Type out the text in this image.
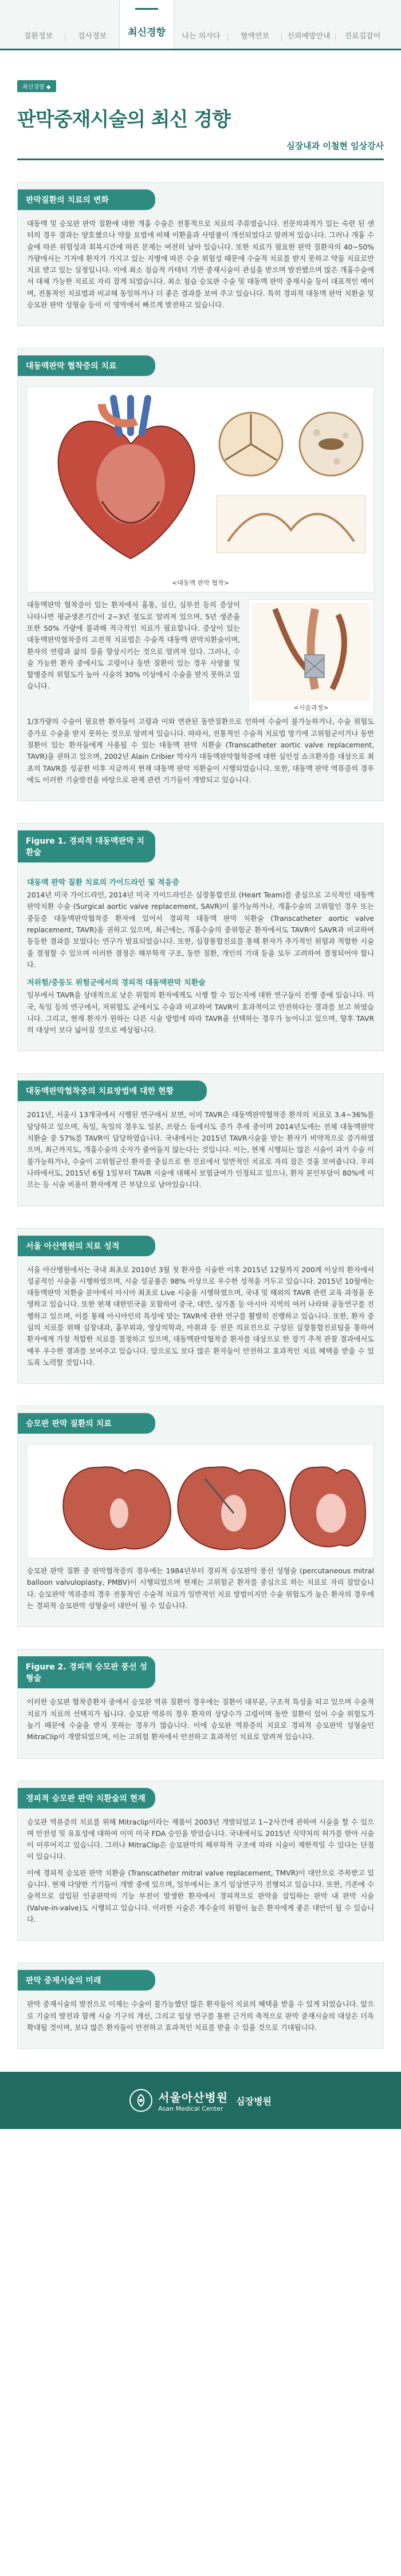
질환정보	검사정보 최신경향 나는 의사다	혈액연보 신뢰예방안내 진료길잡이
최신경향 ◆
판막중재시술의 최신 경향
심장내과 이철현 임상강사
판막질환의 치료의 변화

대동맥 및 승모판 판막 질환에 대한 개흉 수술은 전통적으로 치료의 주류였습니다. 전문의과적가 있는 숙련 된 센터의 경우 결과는 양호했으나 약물 요법에 비해 이환율과 사망률이 개선되었다고 알려져 있습니다. 그러나 개흉 수술에 따른 위험성과 회복시간에 따른 문제는 여전히 남아 있습니다. 또한 치료가 필요한 판막 질환자의 40~50% 가량에서는 기저에 환자가 가지고 있는 지병에 따른 수술 위험성 때문에 수술적 치료를 받지 못하고 약물 치료로만 치료 받고 있는 실정입니다. 이에 최소 침습적 카테터 기반 중재시술이 관심을 받으며 발전했으며 많은 개흉수술에서 대체 가능한 치료로 자리 잡게 되었습니다. 최소 침습 승모판 수술 및 대동맥 판막 중재시술 등이 대표적인 예이며, 전통적인 치료법과 비교해 동일하거나 더 좋은 결과를 보여 주고 있습니다. 특히 경피적 대동맥 판막 치환술 및 승모판 판막 성형술 등이 이 영역에서 빠르게 발전하고 있습니다.

대동맥판막 협착증의 치료
<대동맥 판막 협착>

대동맥판막 협착증이 있는 환자에서 흉통, 실신, 심부전 등의 증상이 나타나면 평균생존기간이 2~3년 정도로 알려져 있으며, 5년 생존율 또한 50% 가량에 불과해 적극적인 치료가 필요합니다. 증상이 있는 대동맥판막협착증의 고전적 치료법은 수술적 대동맥 판막치환술이며, 환자의 연령과 삶의 질을 향상시키는 것으로 알려져 있다. 그러나, 수술 가능한 환자 중에서도 고령이나 동반 질환이 있는 경우 사망률 및 합병증의 위험도가 높아 시술의 30% 이상에서 수술을 받지 못하고 있습니다.

<시술과정>

1/3가량의 수술이 필요한 환자들이 고령과 이와 연관된 동반질환으로 인하여 수술이 불가능하거나, 수술 위험도 증가로 수술을 받지 못하는 것으로 알려져 있습니다. 따라서, 전통적인 수술적 치료법 방기에 고위험군이거나 동반질환이 있는 환자들에게 사용될 수 있는 대동맥 판막 치환술 (Transcatheter aortic valve replacement, TAVR)을 권하고 있으며, 2002년 Alain Cribier 박사가 대동맥판막협착증에 대한 심인성 쇼크환자를 대상으로 최초의 TAVR를 성공한 이후 지금까지 현재 대동맥 판막 치환술이 시행되었습니다. 또한, 대동맥 판막 역류증의 경우에도 이러한 기술발전을 바탕으로 판제 관련 기기들이 개발되고 있습니다.

Figure 1. 경피적 대동맥판막 치환술
대동맥 판막 질환 치료의 가이드라인 및 적응증

2014년 미국 가이드라인, 2014년 미국 가이드라인은 심장통합진료 (Heart Team)를 중심으로 고식적인 대동맥판막치환 수술 (Surgical aortic valve replacement, SAVR)이 불가능하거나, 개흉수술의 고위험인 경우 또는 중등증 대동맥판막협착증 환자에 있어서 경피적 대동맥 판막 치환술 (Transcatheter aortic valve replacement, TAVR)을 권하고 있으며, 최근에는, 개흉수술의 중위험군 환자에서도 TAVR이 SAVR과 비교하여 동등한 결과를 보였다는 연구가 발표되었습니다. 또한, 심장통합진료를 통해 환자가 추가적인 위험과 적합한 시술을 결정할 수 있으며 이러한 결정은 해부학적 구조, 동반 질환, 개인의 기대 등을 모두 고려하여 결정되어야 합니다.

저위험/중등도 위험군에서의 경피적 대동맥판막 치환술

일부에서 TAVR을 상대적으로 낮은 위험의 환자에게도 시행 할 수 있는지에 대한 연구들이 진행 중에 있습니다. 미국, 독일 등의 연구에서, 저위험도 군에서도 수술과 비교하여 TAVR이 효과적이고 안전하다는 결과를 보고 하였습니다. 그리고, 현재 환자가 원하는 다른 시술 방법에 따라 TAVR을 선택하는 경우가 늘어나고 있으며, 향후 TAVR의 대상이 보다 넓어질 것으로 예상됩니다.

대동맥판막협착증의 치료방법에 대한 현황

2011년, 서울시 13개국에서 시행된 연구에서 보면, 이미 TAVR은 대동맥판막협착증 환자의 치료로 3.4~36%를 담당하고 있으며, 독일, 독일의 경우도 일본, 프랑스 등에서도 증가 추세 중이며 2014년도에는 전체 대동맥판막 치환술 중 57%를 TAVR이 담당하였습니다. 국내에서는 2015년 TAVR시술을 받는 환자가 비약적으로 증가하였으며, 최근까지도, 개흉수술의 숫자가 줄어들지 않는다는 것입니다. 이는, 현재 시행되는 많은 시술이 과거 수술 이 불가능하거나, 수술이 고위험군인 환자를 중심으로 한 진료에서 일반적인 치료로 자리 잡은 것을 보여줍니다. 우리나라에서도, 2015년 6월 1일부터 TAVR 시술에 대해서 보험급여가 인정되고 있으나, 환자 본인부담이 80%에 이르는 등 시술 비용이 환자에게 큰 부담으로 남아있습니다.

서울 아산병원의 치료 성적

서울 아산병원에서는 국내 최초로 2010년 3월 첫 환자를 시술한 이후 2015년 12월까지 200례 이상의 환자에서 성공적인 시술을 시행하였으며, 시술 성공률은 98% 이상으로 우수한 성적을 거두고 있습니다. 2015년 10월에는 대동맥판막 치환술 분야에서 아시아 최초로 Live 시술을 시행하였으며, 국내 및 해외의 TAVR 관련 교육 과정을 운영하고 있습니다. 또한 현재 대한민국을 포함하여 중국, 대만, 싱가폴 등 아시아 지역의 여러 나라와 공동연구를 진행하고 있으며, 이를 통해 아시아인의 특성에 맞는 TAVR에 관한 연구를 활발히 진행하고 있습니다. 또한, 환자 중심의 치료를 위해 심장내과, 흉부외과, 영상의학과, 마취과 등 전문 의료진으로 구성된 심장통합진료팀을 통하여 환자에게 가장 적합한 치료를 결정하고 있으며, 대동맥판막협착증 환자를 대상으로 한 장기 추적 관찰 결과에서도 매우 우수한 결과를 보여주고 있습니다. 앞으로도 보다 많은 환자들이 안전하고 효과적인 치료 혜택을 받을 수 있도록 노력할 것입니다.

승모판 판막 질환의 치료

승모판 판막 질환 중 판막협착증의 경우에는 1984년부터 경피적 승모판막 풍선 성형술 (percutaneous mitral balloon valvuloplasty, PMBV)이 시행되었으며 현재는 고위험군 환자를 중심으로 하는 치료로 자리 잡았습니다. 승모판막 역류증의 경우 전통적인 수술적 치료가 일반적인 치료 방법이지만 수술 위험도가 높은 환자의 경우에는 경피적 승모판막 성형술이 대안이 될 수 있습니다.

Figure 2. 경피적 승모판 풍선 성형술

이러한 승모판 협착증환자 중에서 승모판 역류 질환이 경우에는 질환이 대부분, 구조적 특성을 띠고 있으며 수술적 치료가 치료의 선택지가 됩니다. 승모판 역류의 경우 환자의 상당수가 고령이며 동반 질환이 있어 수술 위험도가 높기 때문에 수술을 받지 못하는 경우가 많습니다. 이에 승모판 역류증의 치료로 경피적 승모판막 성형술인 MitraClip이 개발되었으며, 이는 고위험 환자에서 안전하고 효과적인 치료로 알려져 있습니다.

경피적 승모판 판막 치환술의 현재

승모판 역류증의 치료를 위해 Mitraclip이라는 제품이 2003년 개발되었고 1~2사건에 관하여 시술을 할 수 있으며 안전성 및 유효성에 대하여 이미 미국 FDA 승인을 받았습니다. 국내에서도 2015년 식약처의 허가를 받아 시술이 이루어지고 있습니다. 그러나 MitraClip은 승모판막의 해부학적 구조에 따라 시술이 제한적일 수 있다는 단점이 있습니다.

이에 경피적 승모판 판막 치환술 (Transcatheter mitral valve replacement, TMVR)이 대안으로 주목받고 있습니다. 현재 다양한 기기들이 개발 중에 있으며, 일부에서는 초기 임상연구가 진행되고 있습니다. 또한, 기존에 수술적으로 삽입된 인공판막의 기능 부전이 발생한 환자에서 경피적으로 판막을 삽입하는 판막 내 판막 시술 (Valve-in-valve)도 시행되고 있습니다. 이러한 시술은 재수술의 위험이 높은 환자에게 좋은 대안이 될 수 있습니다.

판막 중재시술의 미래

판막 중재시술의 발전으로 이제는 수술이 불가능했던 많은 환자들이 치료의 혜택을 받을 수 있게 되었습니다. 앞으로 기술의 발전과 함께 시술 기구의 개선, 그리고 임상 연구를 통한 근거의 축적으로 판막 중재시술의 대상은 더욱 확대될 것이며, 보다 많은 환자들이 안전하고 효과적인 치료를 받을 수 있을 것으로 기대됩니다.

서울아산병원
Asan Medical Center
심장병원
